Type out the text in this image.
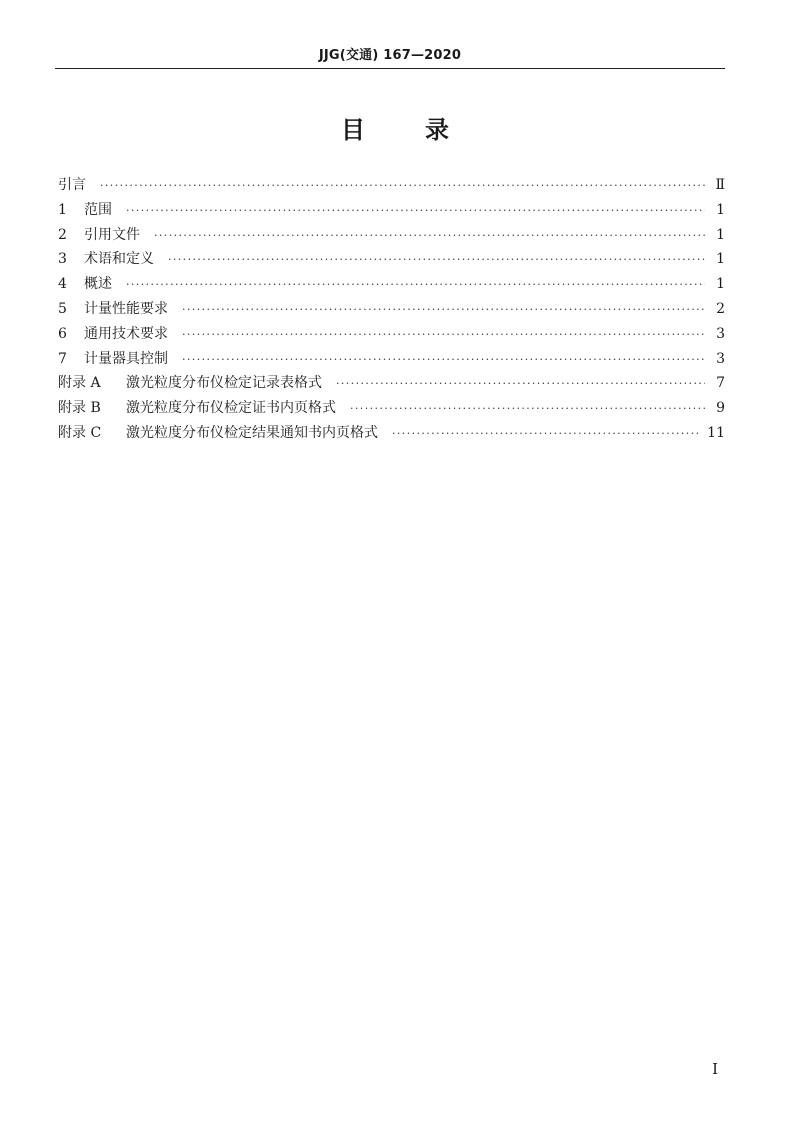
JJG(交通) 167—2020
目	录
引言 ·····	Ⅱ
1	范围 ·····	1
2	引用文件 ·····	1
3	术语和定义 ·····	1
4	概述 ·····	1
5	计量性能要求 ·····	2
6	通用技术要求 ·····	3
7	计量器具控制 ·····	3
附录 A	激光粒度分布仪检定记录表格式 ·····	7
附录 B	激光粒度分布仪检定证书内页格式 ·····	9
附录 C	激光粒度分布仪检定结果通知书内页格式 ·····	11
I
